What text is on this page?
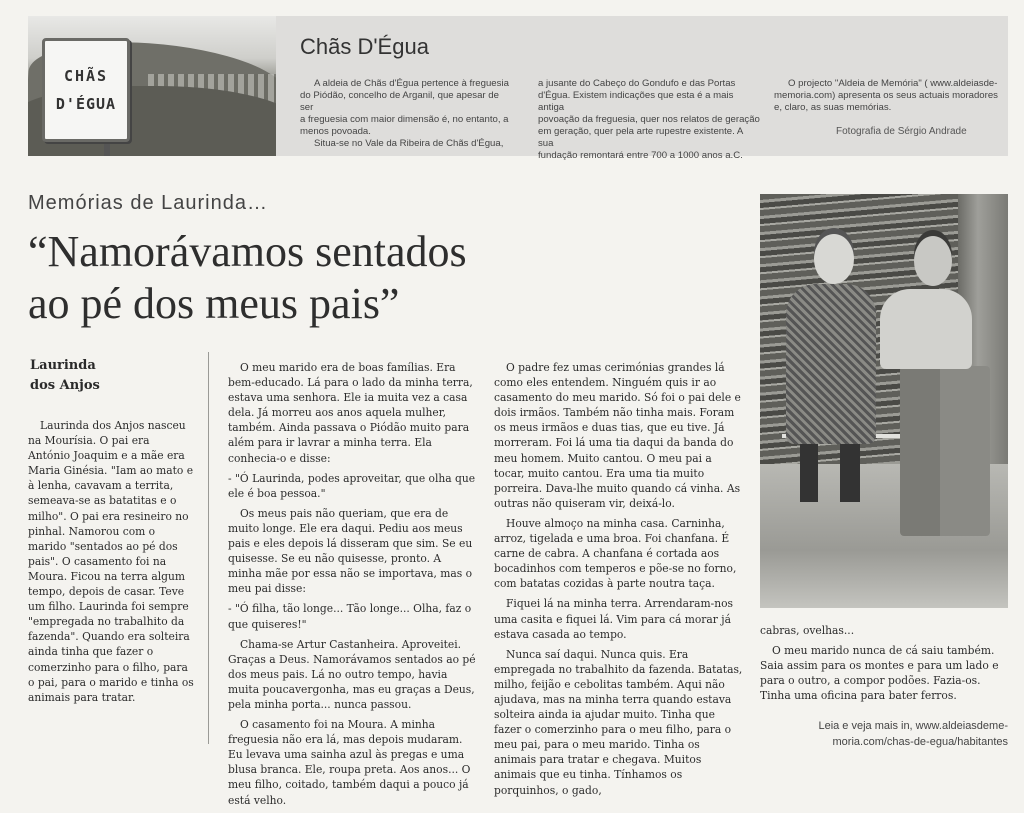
CHÃS
D'ÉGUA
Chãs D'Égua
A aldeia de Chãs d'Égua pertence à freguesia
do Piódão, concelho de Arganil, que apesar de ser
a freguesia com maior dimensão é, no entanto, a
menos povoada.
Situa-se no Vale da Ribeira de Chãs d'Égua,
a jusante do Cabeço do Gondufo e das Portas
d'Égua. Existem indicações que esta é a mais antiga
povoação da freguesia, quer nos relatos de geração
em geração, quer pela arte rupestre existente. A sua
fundação remontará entre 700 a 1000 anos a.C.
O projecto "Aldeia de Memória" ( www.aldeiasde-
memoria.com) apresenta os seus actuais moradores
e, claro, as suas memórias.
Fotografia de Sérgio Andrade
Memórias de Laurinda…
“Namorávamos sentados
ao pé dos meus pais”
Laurinda
dos Anjos

Laurinda dos Anjos nasceu na Mourísia. O pai era António Joaquim e a mãe era Maria Ginésia. "Iam ao mato e à lenha, cavavam a territa, semeava-se as batatitas e o milho". O pai era resineiro no pinhal. Namorou com o marido "sentados ao pé dos pais". O casamento foi na Moura. Ficou na terra algum tempo, depois de casar. Teve um filho. Laurinda foi sempre "empregada no trabalhito da fazenda". Quando era solteira ainda tinha que fazer o comerzinho para o filho, para o pai, para o marido e tinha os animais para tratar.

O meu marido era de boas famílias. Era bem-educado. Lá para o lado da minha terra, estava uma senhora. Ele ia muita vez a casa dela. Já morreu aos anos aquela mulher, também. Ainda passava o Piódão muito para além para ir lavrar a minha terra. Ela conhecia-o e disse:

- "Ó Laurinda, podes aproveitar, que olha que ele é boa pessoa."

Os meus pais não queriam, que era de muito longe. Ele era daqui. Pediu aos meus pais e eles depois lá disseram que sim. Se eu quisesse. Se eu não quisesse, pronto. A minha mãe por essa não se importava, mas o meu pai disse:

- "Ó filha, tão longe... Tão longe... Olha, faz o que quiseres!"

Chama-se Artur Castanheira. Aproveitei. Graças a Deus. Namorávamos sentados ao pé dos meus pais. Lá no outro tempo, havia muita poucavergonha, mas eu graças a Deus, pela minha porta... nunca passou.

O casamento foi na Moura. A minha freguesia não era lá, mas depois mudaram. Eu levava uma sainha azul às pregas e uma blusa branca. Ele, roupa preta. Aos anos... O meu filho, coitado, também daqui a pouco já está velho.

O padre fez umas cerimónias grandes lá como eles entendem. Ninguém quis ir ao casamento do meu marido. Só foi o pai dele e dois irmãos. Também não tinha mais. Foram os meus irmãos e duas tias, que eu tive. Já morreram. Foi lá uma tia daqui da banda do meu homem. Muito cantou. O meu pai a tocar, muito cantou. Era uma tia muito porreira. Dava-lhe muito quando cá vinha. As outras não quiseram vir, deixá-lo.

Houve almoço na minha casa. Carninha, arroz, tigelada e uma broa. Foi chanfana. É carne de cabra. A chanfana é cortada aos bocadinhos com temperos e põe-se no forno, com batatas cozidas à parte noutra taça.

Fiquei lá na minha terra. Arrendaram-nos uma casita e fiquei lá. Vim para cá morar já estava casada ao tempo.

Nunca saí daqui. Nunca quis. Era empregada no trabalhito da fazenda. Batatas, milho, feijão e cebolitas também. Aqui não ajudava, mas na minha terra quando estava solteira ainda ia ajudar muito. Tinha que fazer o comerzinho para o meu filho, para o meu pai, para o meu marido. Tinha os animais para tratar e chegava. Muitos animais que eu tinha. Tínhamos os porquinhos, o gado,

cabras, ovelhas...

O meu marido nunca de cá saiu também. Saia assim para os montes e para um lado e para o outro, a compor podões. Fazia-os. Tinha uma oficina para bater ferros.

Leia e veja mais in, www.aldeiasdeme-
moria.com/chas-de-egua/habitantes
